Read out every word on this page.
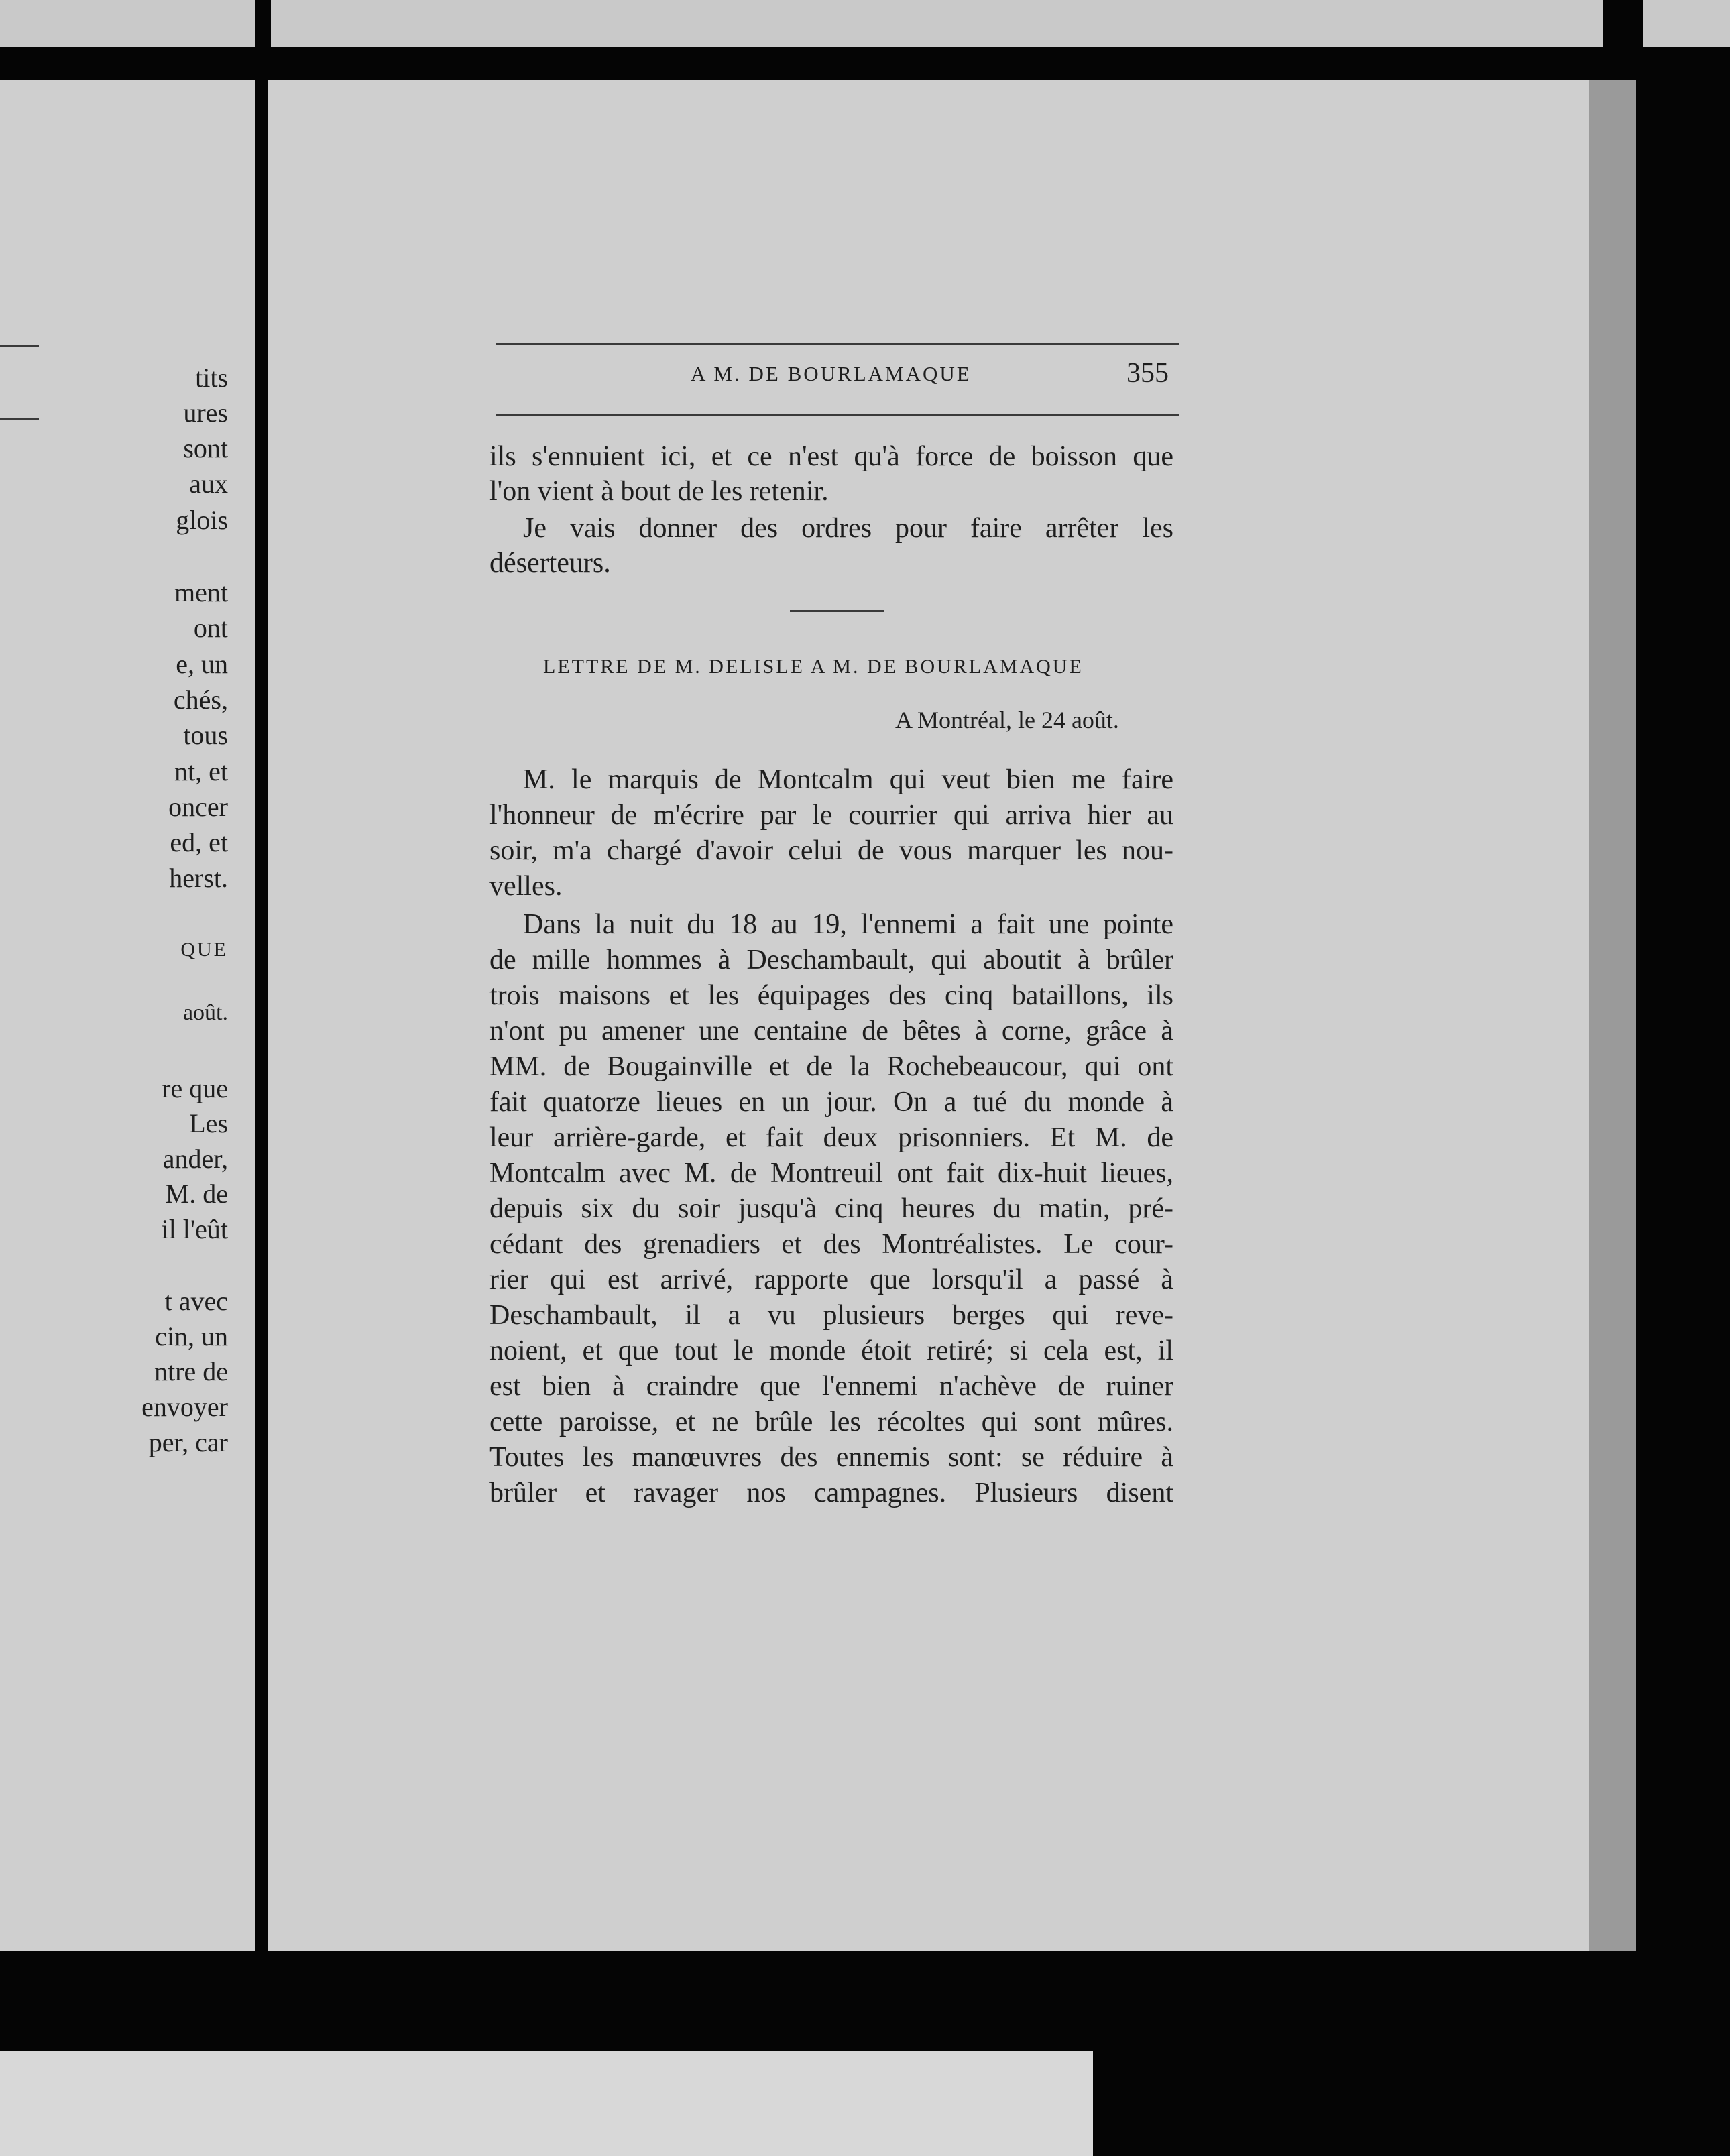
tits
ures
sont
aux
glois
ment
ont
e, un
chés,
tous
nt, et
oncer
ed, et
herst.
QUE
août.
re que
Les
ander,
M. de
il l'eût
t avec
cin, un
ntre de
envoyer
per, car
A M. DE BOURLAMAQUE	355
ils s'ennuient ici, et ce n'est qu'à force de boisson que
l'on vient à bout de les retenir.
Je vais donner des ordres pour faire arrêter les
déserteurs.
LETTRE DE M. DELISLE A M. DE BOURLAMAQUE
A Montréal, le 24 août.
M. le marquis de Montcalm qui veut bien me faire
l'honneur de m'écrire par le courrier qui arriva hier au
soir, m'a chargé d'avoir celui de vous marquer les nou-
velles.
Dans la nuit du 18 au 19, l'ennemi a fait une pointe
de mille hommes à Deschambault, qui aboutit à brûler
trois maisons et les équipages des cinq bataillons, ils
n'ont pu amener une centaine de bêtes à corne, grâce à
MM. de Bougainville et de la Rochebeaucour, qui ont
fait quatorze lieues en un jour. On a tué du monde à
leur arrière-garde, et fait deux prisonniers. Et M. de
Montcalm avec M. de Montreuil ont fait dix-huit lieues,
depuis six du soir jusqu'à cinq heures du matin, pré-
cédant des grenadiers et des Montréalistes. Le cour-
rier qui est arrivé, rapporte que lorsqu'il a passé à
Deschambault, il a vu plusieurs berges qui reve-
noient, et que tout le monde étoit retiré; si cela est, il
est bien à craindre que l'ennemi n'achève de ruiner
cette paroisse, et ne brûle les récoltes qui sont mûres.
Toutes les manœuvres des ennemis sont: se réduire à
brûler et ravager nos campagnes. Plusieurs disent
